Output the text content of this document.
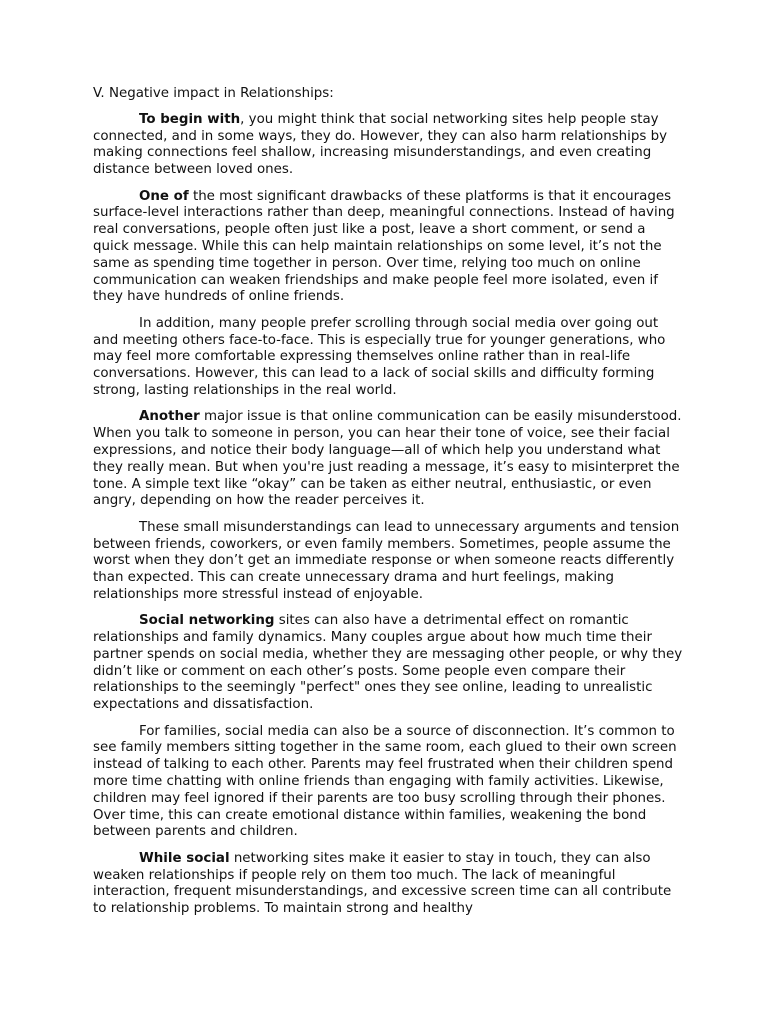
V. Negative impact in Relationships:

To begin with, you might think that social networking sites help people stay connected, and in some ways, they do. However, they can also harm relationships by making connections feel shallow, increasing misunderstandings, and even creating distance between loved ones.

One of the most significant drawbacks of these platforms is that it encourages surface-level interactions rather than deep, meaningful connections. Instead of having real conversations, people often just like a post, leave a short comment, or send a quick message. While this can help maintain relationships on some level, it’s not the same as spending time together in person. Over time, relying too much on online communication can weaken friendships and make people feel more isolated, even if they have hundreds of online friends.

In addition, many people prefer scrolling through social media over going out and meeting others face-to-face. This is especially true for younger generations, who may feel more comfortable expressing themselves online rather than in real-life conversations. However, this can lead to a lack of social skills and difficulty forming strong, lasting relationships in the real world.

Another major issue is that online communication can be easily misunderstood. When you talk to someone in person, you can hear their tone of voice, see their facial expressions, and notice their body language—all of which help you understand what they really mean. But when you're just reading a message, it’s easy to misinterpret the tone. A simple text like “okay” can be taken as either neutral, enthusiastic, or even angry, depending on how the reader perceives it.

These small misunderstandings can lead to unnecessary arguments and tension between friends, coworkers, or even family members. Sometimes, people assume the worst when they don’t get an immediate response or when someone reacts differently than expected. This can create unnecessary drama and hurt feelings, making relationships more stressful instead of enjoyable.

Social networking sites can also have a detrimental effect on romantic relationships and family dynamics. Many couples argue about how much time their partner spends on social media, whether they are messaging other people, or why they didn’t like or comment on each other’s posts. Some people even compare their relationships to the seemingly "perfect" ones they see online, leading to unrealistic expectations and dissatisfaction.

For families, social media can also be a source of disconnection. It’s common to see family members sitting together in the same room, each glued to their own screen instead of talking to each other. Parents may feel frustrated when their children spend more time chatting with online friends than engaging with family activities. Likewise, children may feel ignored if their parents are too busy scrolling through their phones. Over time, this can create emotional distance within families, weakening the bond between parents and children.

While social networking sites make it easier to stay in touch, they can also weaken relationships if people rely on them too much. The lack of meaningful interaction, frequent misunderstandings, and excessive screen time can all contribute to relationship problems. To maintain strong and healthy
